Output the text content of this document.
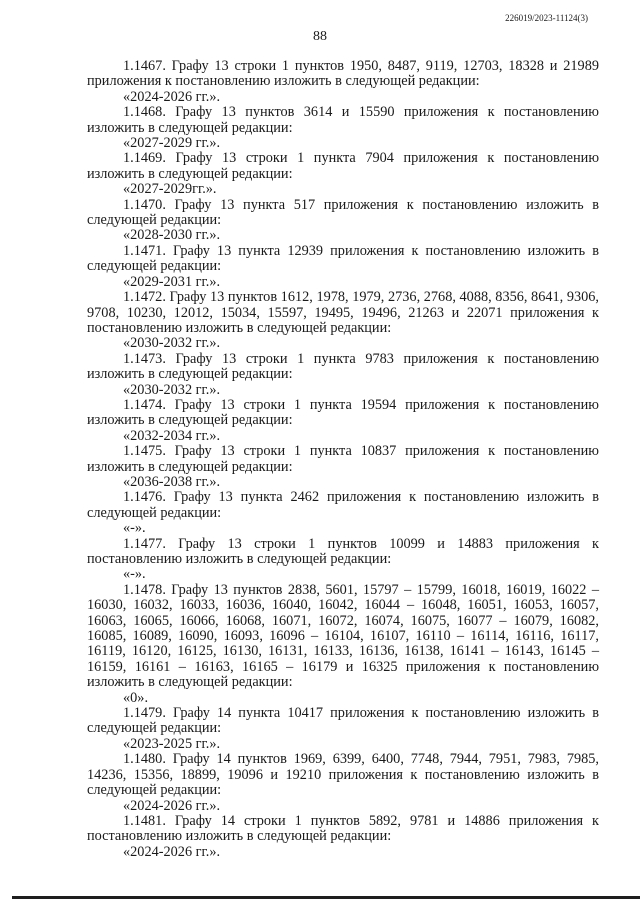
88
226019/2023-11124(3)

1.1467. Графу 13 строки 1 пунктов 1950, 8487, 9119, 12703, 18328 и 21989 приложения к постановлению изложить в следующей редакции:

«2024-2026 гг.».

1.1468. Графу 13 пунктов 3614 и 15590 приложения к постановлению изложить в следующей редакции:

«2027-2029 гг.».

1.1469. Графу 13 строки 1 пункта 7904 приложения к постановлению изложить в следующей редакции:

«2027-2029гг.».

1.1470. Графу 13 пункта 517 приложения к постановлению изложить в следующей редакции:

«2028-2030 гг.».

1.1471. Графу 13 пункта 12939 приложения к постановлению изложить в следующей редакции:

«2029-2031 гг.».

1.1472. Графу 13 пунктов 1612, 1978, 1979, 2736, 2768, 4088, 8356, 8641, 9306, 9708, 10230, 12012, 15034, 15597, 19495, 19496, 21263 и 22071 приложения к постановлению изложить в следующей редакции:

«2030-2032 гг.».

1.1473. Графу 13 строки 1 пункта 9783 приложения к постановлению изложить в следующей редакции:

«2030-2032 гг.».

1.1474. Графу 13 строки 1 пункта 19594 приложения к постановлению изложить в следующей редакции:

«2032-2034 гг.».

1.1475. Графу 13 строки 1 пункта 10837 приложения к постановлению изложить в следующей редакции:

«2036-2038 гг.».

1.1476. Графу 13 пункта 2462 приложения к постановлению изложить в следующей редакции:

«-».

1.1477. Графу 13 строки 1 пунктов 10099 и 14883 приложения к постановлению изложить в следующей редакции:

«-».

1.1478. Графу 13 пунктов 2838, 5601, 15797 – 15799, 16018, 16019, 16022 – 16030, 16032, 16033, 16036, 16040, 16042, 16044 – 16048, 16051, 16053, 16057, 16063, 16065, 16066, 16068, 16071, 16072, 16074, 16075, 16077 – 16079, 16082, 16085, 16089, 16090, 16093, 16096 – 16104, 16107, 16110 – 16114, 16116, 16117, 16119, 16120, 16125, 16130, 16131, 16133, 16136, 16138, 16141 – 16143, 16145 – 16159, 16161 – 16163, 16165 – 16179 и 16325 приложения к постановлению изложить в следующей редакции:

«0».

1.1479. Графу 14 пункта 10417 приложения к постановлению изложить в следующей редакции:

«2023-2025 гг.».

1.1480. Графу 14 пунктов 1969, 6399, 6400, 7748, 7944, 7951, 7983, 7985, 14236, 15356, 18899, 19096 и 19210 приложения к постановлению изложить в следующей редакции:

«2024-2026 гг.».

1.1481. Графу 14 строки 1 пунктов 5892, 9781 и 14886 приложения к постановлению изложить в следующей редакции:

«2024-2026 гг.».
